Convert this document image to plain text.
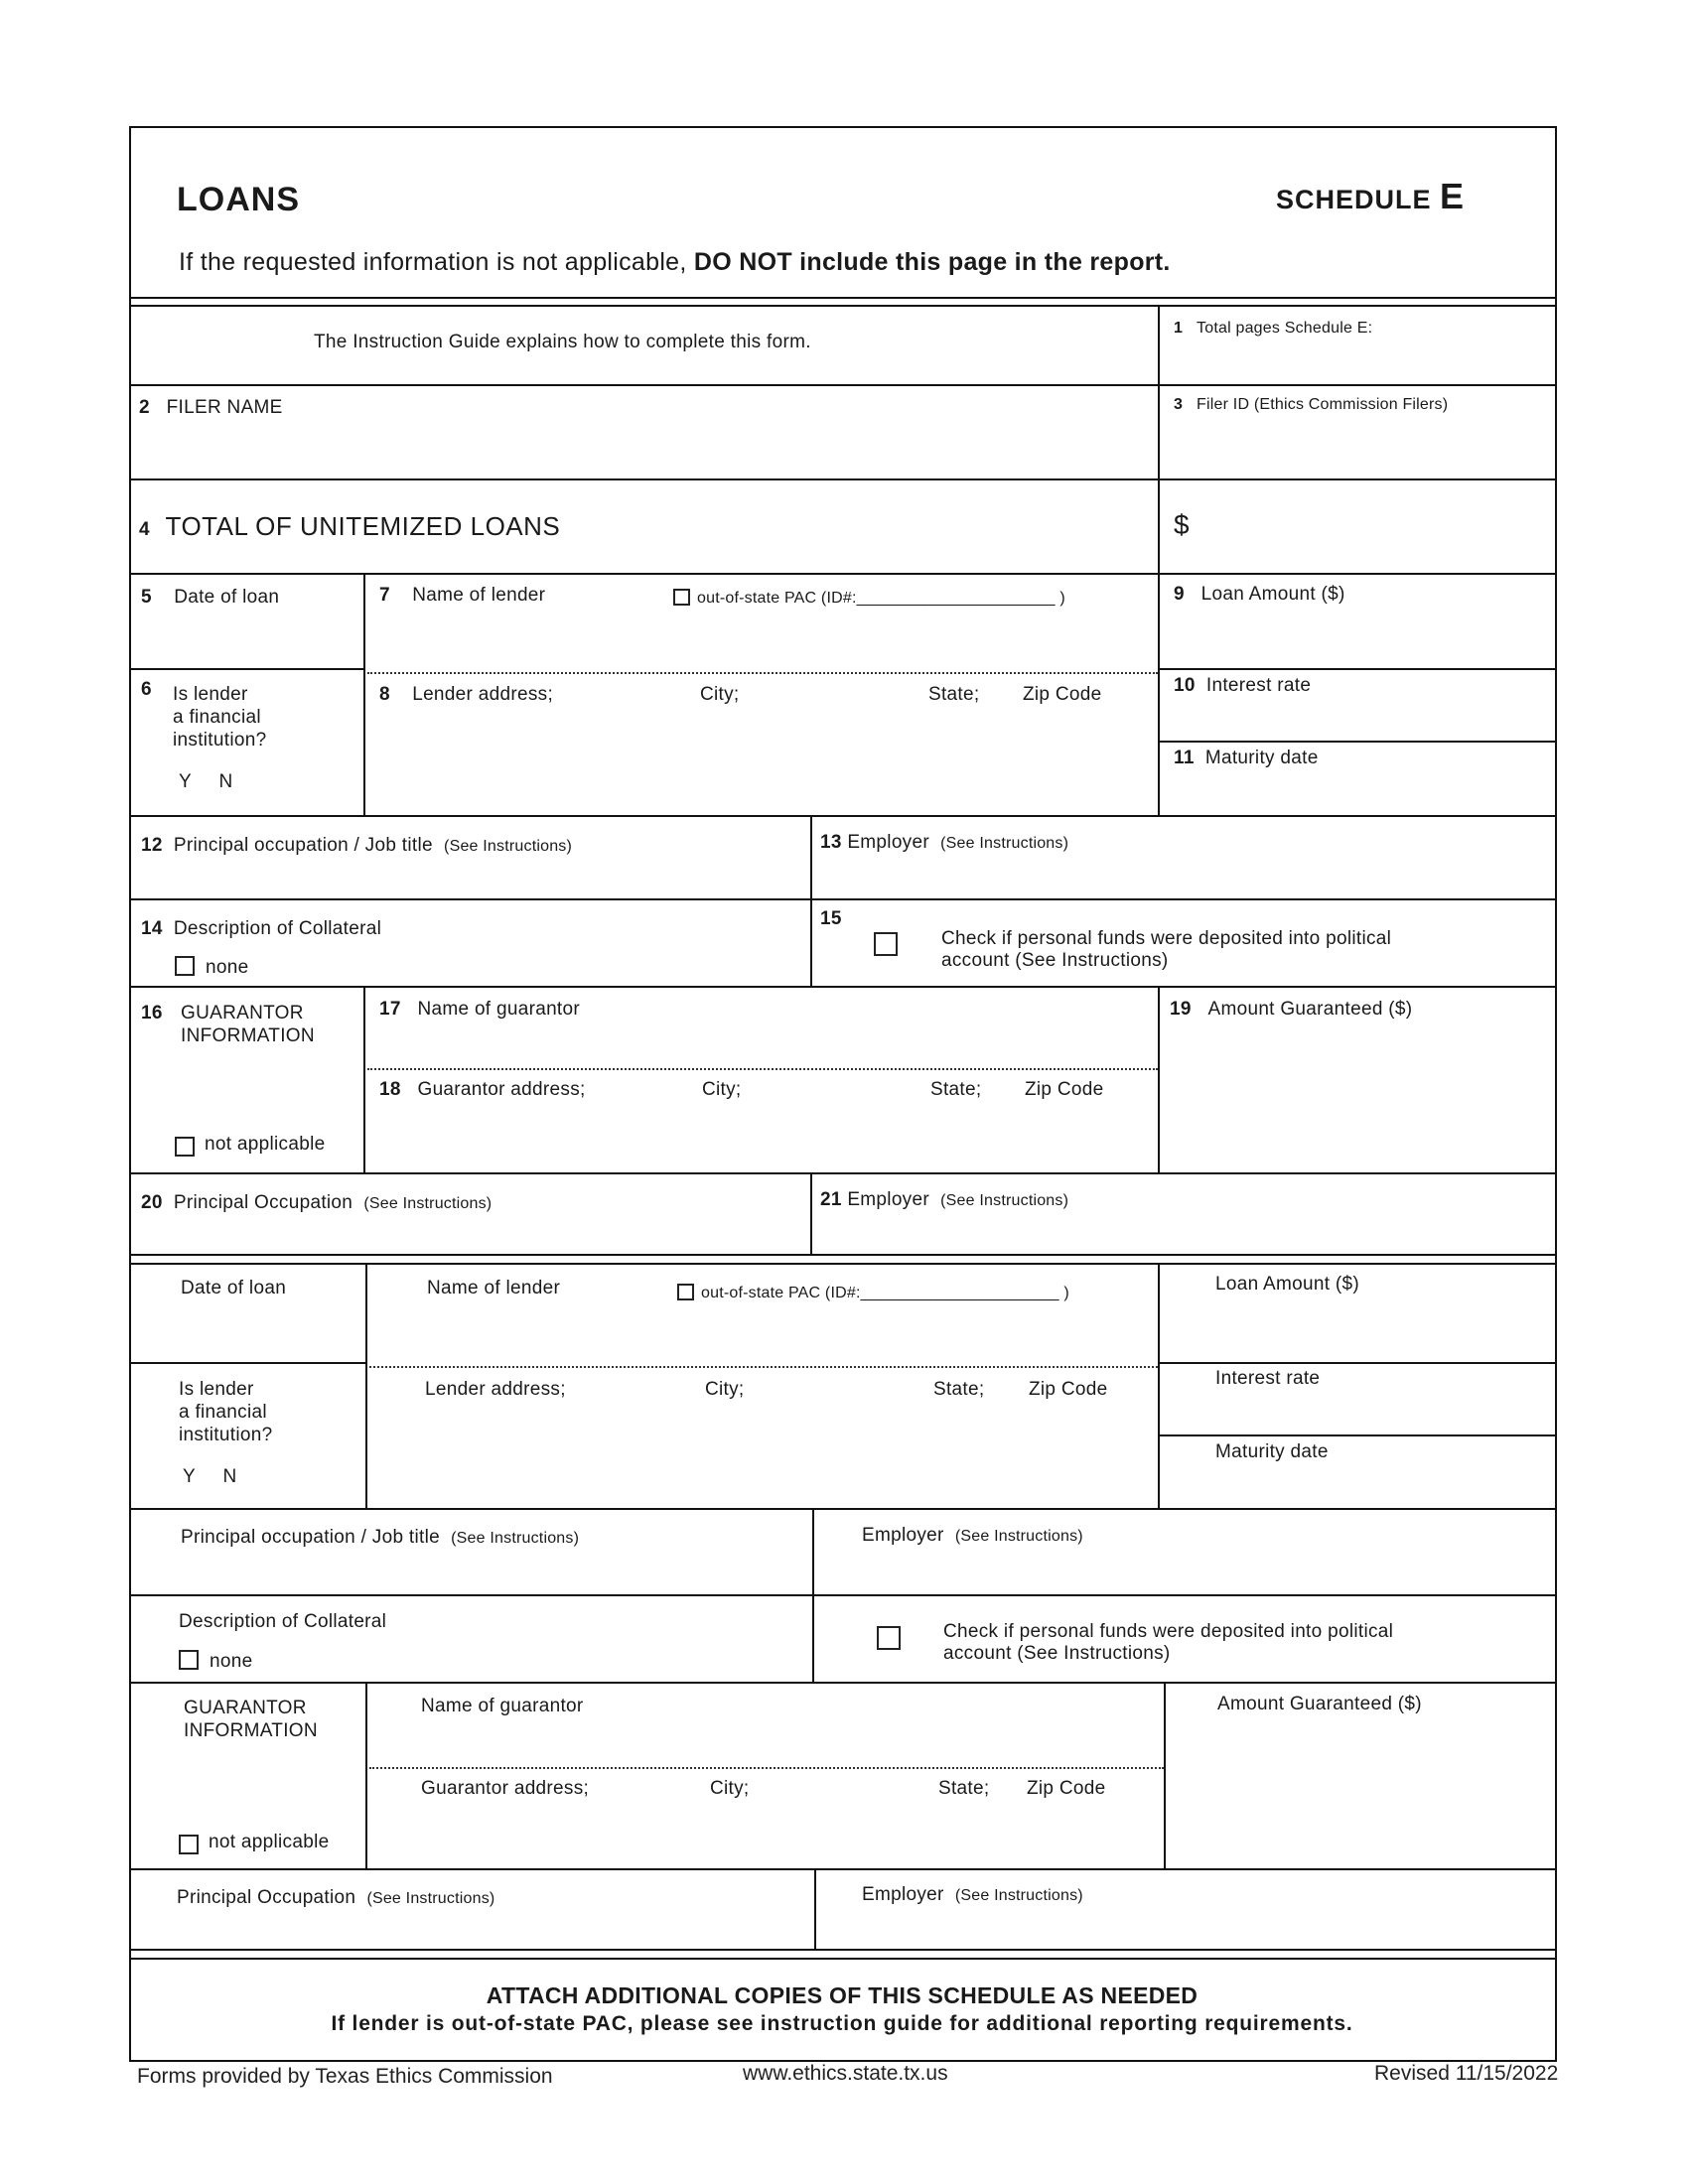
LOANS	SCHEDULE E
If the requested information is not applicable, DO NOT include this page in the report.
The Instruction Guide explains how to complete this form.
1 Total pages Schedule E:
2 FILER NAME	3 Filer ID (Ethics Commission Filers)
4 TOTAL OF UNITEMIZED LOANS	$
5 Date of loan	7 Name of lender	out-of-state PAC (ID#:______________________ )	9 Loan Amount ($)
6 Is lender
a financial
institution?
Y     N
8 Lender address;	City;	State; Zip Code	10 Interest rate
11 Maturity date
12 Principal occupation / Job title (See Instructions)	13 Employer (See Instructions)
14 Description of Collateral
none
15
Check if personal funds were deposited into political
account (See Instructions)
16 GUARANTOR
INFORMATION
not applicable
17 Name of guarantor	19 Amount Guaranteed ($)
18 Guarantor address;	City;	State; Zip Code
20 Principal Occupation (See Instructions)	21 Employer (See Instructions)
Date of loan	Name of lender	out-of-state PAC (ID#:______________________ )	Loan Amount ($)
Is lender
a financial
institution?
Y     N
Lender address;	City;	State; Zip Code
Interest rate
Maturity date
Principal occupation / Job title (See Instructions)	Employer (See Instructions)
Description of Collateral
none
Check if personal funds were deposited into political
account (See Instructions)
GUARANTOR
INFORMATION
not applicable
Name of guarantor	Amount Guaranteed ($)
Guarantor address;	City;	State; Zip Code
Principal Occupation (See Instructions)	Employer (See Instructions)
ATTACH ADDITIONAL COPIES OF THIS SCHEDULE AS NEEDED
If lender is out-of-state PAC, please see instruction guide for additional reporting requirements.
Forms provided by Texas Ethics Commission	www.ethics.state.tx.us	Revised 11/15/2022
